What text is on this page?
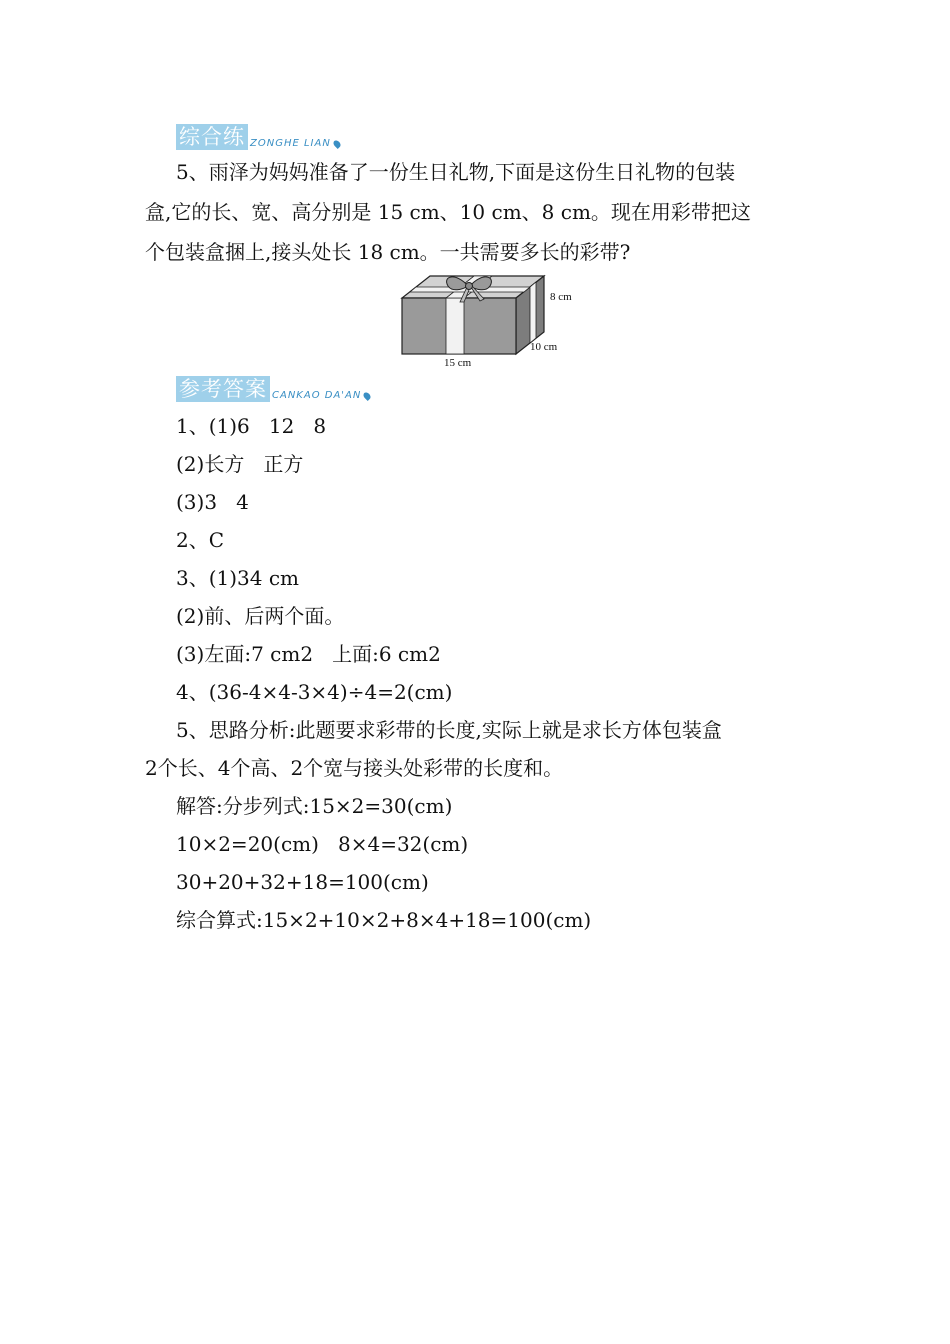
综合练 ZONGHE LIAN
5、雨泽为妈妈准备了一份生日礼物,下面是这份生日礼物的包装
盒,它的长、宽、高分别是 15 cm、10 cm、8 cm。现在用彩带把这
个包装盒捆上,接头处长 18 cm。一共需要多长的彩带?
8 cm
10 cm
15 cm
参考答案 CANKAO DA'AN
1、(1)6   12   8
(2)长方   正方
(3)3   4
2、C
3、(1)34 cm
(2)前、后两个面。
(3)左面:7 cm2   上面:6 cm2
4、(36-4×4-3×4)÷4=2(cm)
5、思路分析:此题要求彩带的长度,实际上就是求长方体包装盒
2个长、4个高、2个宽与接头处彩带的长度和。
解答:分步列式:15×2=30(cm)
10×2=20(cm)   8×4=32(cm)
30+20+32+18=100(cm)
综合算式:15×2+10×2+8×4+18=100(cm)
